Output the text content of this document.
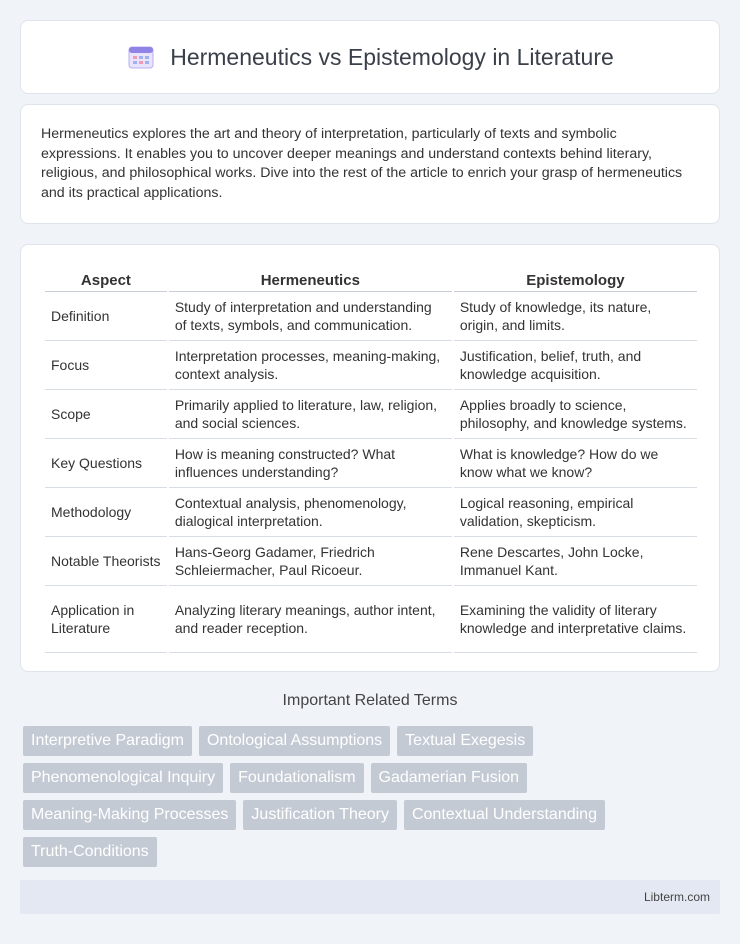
Hermeneutics vs Epistemology in Literature

Hermeneutics explores the art and theory of interpretation, particularly of texts and symbolic expressions. It enables you to uncover deeper meanings and understand contexts behind literary, religious, and philosophical works. Dive into the rest of the article to enrich your grasp of hermeneutics and its practical applications.

Aspect	Hermeneutics	Epistemology
Definition	Study of interpretation and understanding of texts, symbols, and communication.	Study of knowledge, its nature, origin, and limits.
Focus	Interpretation processes, meaning-making, context analysis.	Justification, belief, truth, and knowledge acquisition.
Scope	Primarily applied to literature, law, religion, and social sciences.	Applies broadly to science, philosophy, and knowledge systems.
Key Questions	How is meaning constructed? What influences understanding?	What is knowledge? How do we know what we know?
Methodology	Contextual analysis, phenomenology, dialogical interpretation.	Logical reasoning, empirical validation, skepticism.
Notable Theorists	Hans-Georg Gadamer, Friedrich Schleiermacher, Paul Ricoeur.	Rene Descartes, John Locke, Immanuel Kant.
Application in Literature	Analyzing literary meanings, author intent, and reader reception.	Examining the validity of literary knowledge and interpretative claims.
Important Related Terms
Interpretive Paradigm	Ontological Assumptions	Textual Exegesis
Phenomenological Inquiry	Foundationalism	Gadamerian Fusion
Meaning-Making Processes	Justification Theory	Contextual Understanding
Truth-Conditions
Libterm.com
